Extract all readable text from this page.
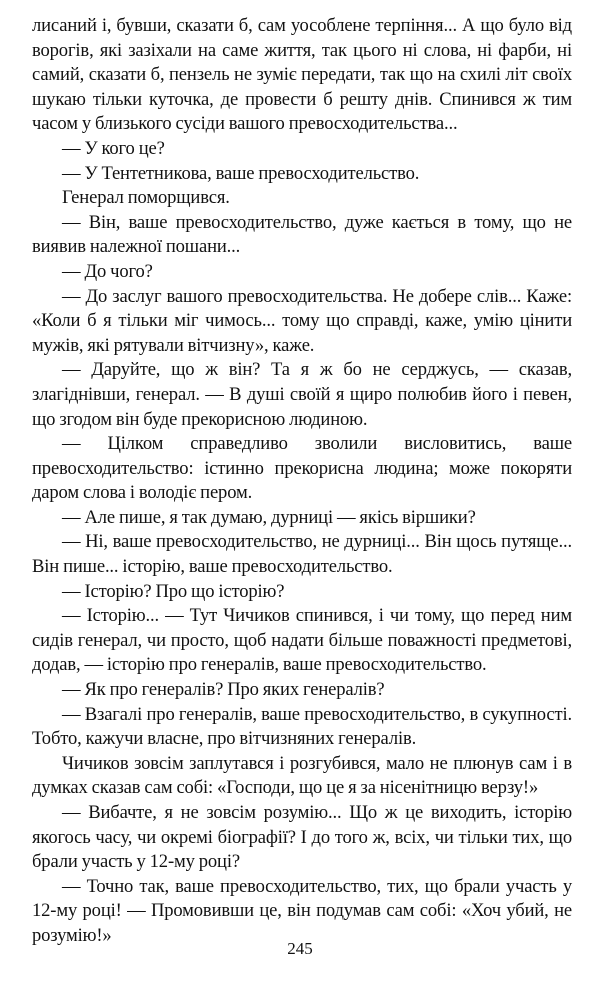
лисаний і, бувши, сказати б, сам уособлене терпіння... А що було від ворогів, які зазіхали на саме життя, так цього ні слова, ні фарби, ні самий, сказати б, пензель не зуміє передати, так що на схилі літ своїх шукаю тільки куточка, де провести б решту днів. Спинився ж тим часом у близького сусіди вашого превосходительства...

— У кого це?

— У Тентетникова, ваше превосходительство.

Генерал поморщився.

— Він, ваше превосходительство, дуже кається в тому, що не виявив належної пошани...

— До чого?

— До заслуг вашого превосходительства. Не добере слів... Каже: «Коли б я тільки міг чимось... тому що справді, каже, умію цінити мужів, які рятували вітчизну», каже.

— Даруйте, що ж він? Та я ж бо не серджусь, — сказав, злагіднівши, генерал. — В душі своїй я щиро полюбив його і певен, що згодом він буде прекорисною людиною.

— Цілком справедливо зволили висловитись, ваше превосходительство: істинно прекорисна людина; може покоряти даром слова і володіє пером.

— Але пише, я так думаю, дурниці — якісь віршики?

— Ні, ваше превосходительство, не дурниці... Він щось путяще... Він пише... історію, ваше превосходительство.

— Історію? Про що історію?

— Історію... — Тут Чичиков спинився, і чи тому, що перед ним сидів генерал, чи просто, щоб надати більше поважності предметові, додав, — історію про генералів, ваше превосходительство.

— Як про генералів? Про яких генералів?

— Взагалі про генералів, ваше превосходительство, в сукупності. Тобто, кажучи власне, про вітчизняних генералів.

Чичиков зовсім заплутався і розгубився, мало не плюнув сам і в думках сказав сам собі: «Господи, що це я за нісенітницю верзу!»

— Вибачте, я не зовсім розумію... Що ж це виходить, історію якогось часу, чи окремі біографії? І до того ж, всіх, чи тільки тих, що брали участь у 12-му році?

— Точно так, ваше превосходительство, тих, що брали участь у 12-му році! — Промовивши це, він подумав сам собі: «Хоч убий, не розумію!»

245
